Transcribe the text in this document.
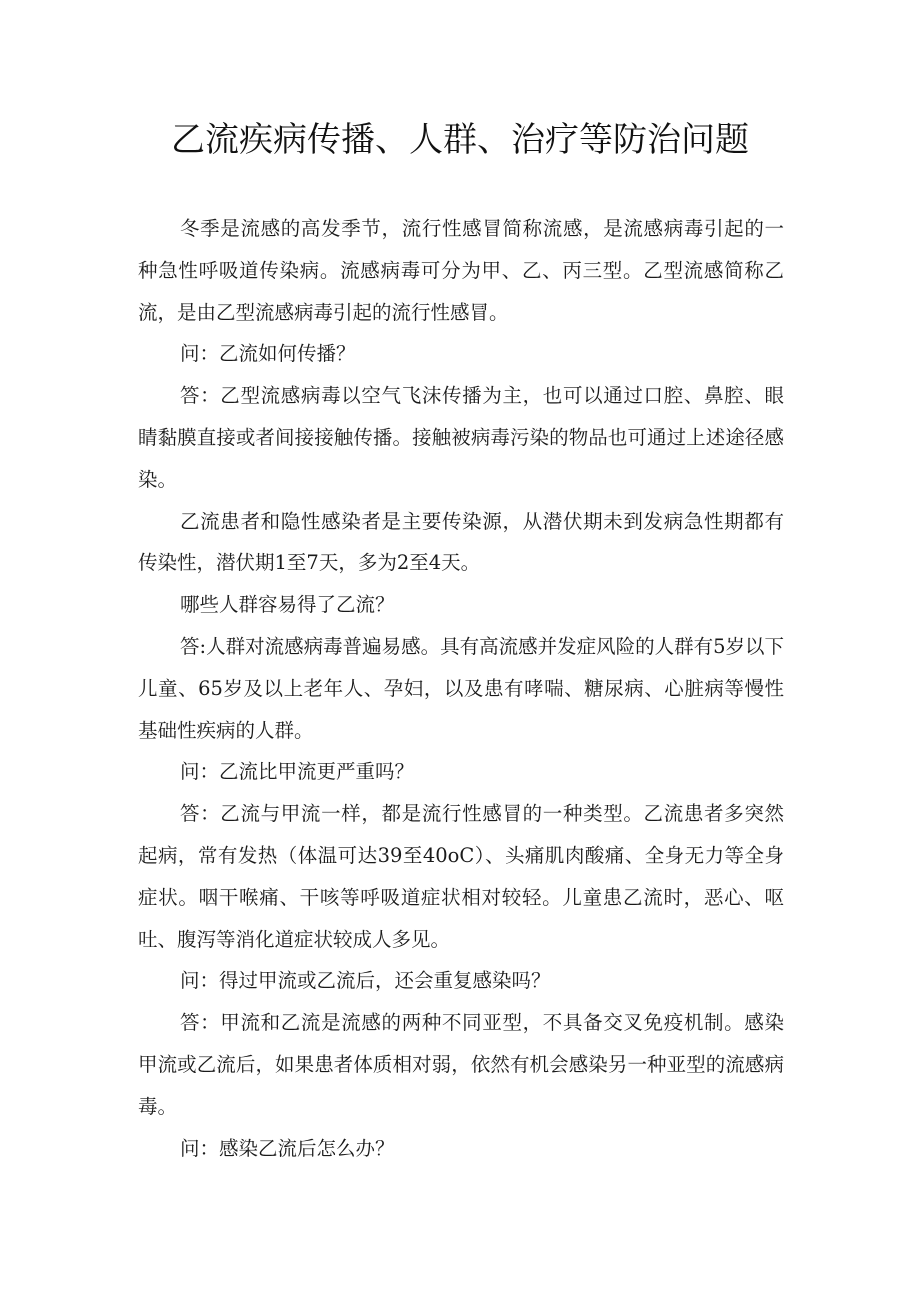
乙流疾病传播、人群、治疗等防治问题

冬季是流感的高发季节，流行性感冒简称流感，是流感病毒引起的一种急性呼吸道传染病。流感病毒可分为甲、乙、丙三型。乙型流感简称乙流，是由乙型流感病毒引起的流行性感冒。

问：乙流如何传播？

答：乙型流感病毒以空气飞沫传播为主，也可以通过口腔、鼻腔、眼睛黏膜直接或者间接接触传播。接触被病毒污染的物品也可通过上述途径感染。

乙流患者和隐性感染者是主要传染源，从潜伏期未到发病急性期都有传染性，潜伏期1至7天，多为2至4天。

哪些人群容易得了乙流？

答:人群对流感病毒普遍易感。具有高流感并发症风险的人群有5岁以下儿童、65岁及以上老年人、孕妇，以及患有哮喘、糖尿病、心脏病等慢性基础性疾病的人群。

问：乙流比甲流更严重吗？

答：乙流与甲流一样，都是流行性感冒的一种类型。乙流患者多突然起病，常有发热（体温可达39至40oC）、头痛肌肉酸痛、全身无力等全身症状。咽干喉痛、干咳等呼吸道症状相对较轻。儿童患乙流时，恶心、呕吐、腹泻等消化道症状较成人多见。

问：得过甲流或乙流后，还会重复感染吗？

答：甲流和乙流是流感的两种不同亚型，不具备交叉免疫机制。感染甲流或乙流后，如果患者体质相对弱，依然有机会感染另一种亚型的流感病毒。

问：感染乙流后怎么办？
